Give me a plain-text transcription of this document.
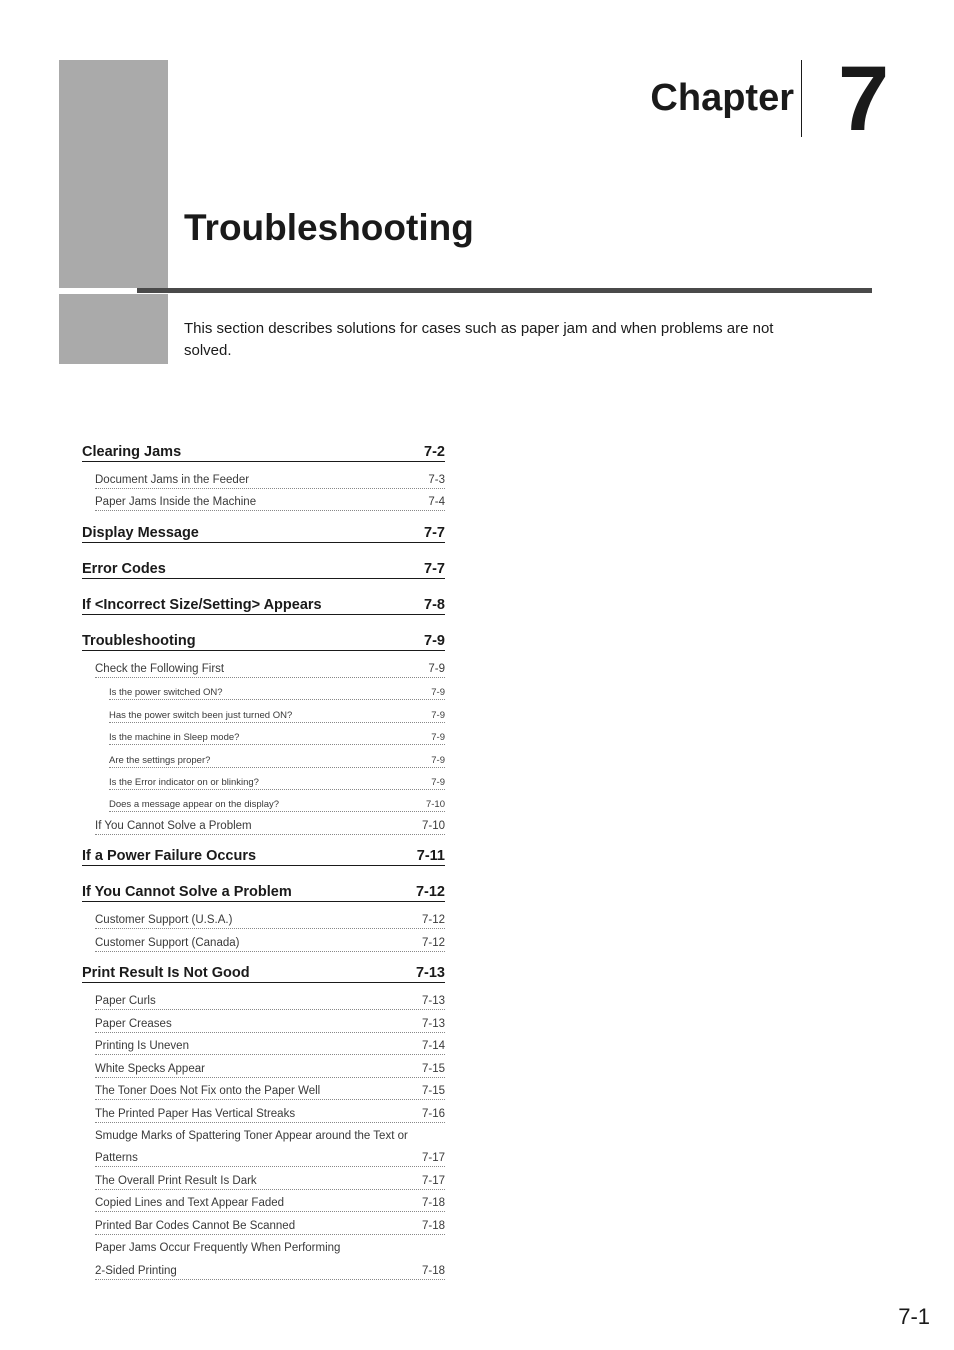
Chapter 7
Troubleshooting
This section describes solutions for cases such as paper jam and when problems are not solved.
Clearing Jams	7-2
Document Jams in the Feeder	7-3
Paper Jams Inside the Machine	7-4
Display Message	7-7
Error Codes	7-7
If <Incorrect Size/Setting> Appears	7-8
Troubleshooting	7-9
Check the Following First	7-9
Is the power switched ON?	7-9
Has the power switch been just turned ON?	7-9
Is the machine in Sleep mode?	7-9
Are the settings proper?	7-9
Is the Error indicator on or blinking?	7-9
Does a message appear on the display?	7-10
If You Cannot Solve a Problem	7-10
If a Power Failure Occurs	7-11
If You Cannot Solve a Problem	7-12
Customer Support (U.S.A.)	7-12
Customer Support (Canada)	7-12
Print Result Is Not Good	7-13
Paper Curls	7-13
Paper Creases	7-13
Printing Is Uneven	7-14
White Specks Appear	7-15
The Toner Does Not Fix onto the Paper Well	7-15
The Printed Paper Has Vertical Streaks	7-16
Smudge Marks of Spattering Toner Appear around the Text or
Patterns	7-17
The Overall Print Result Is Dark	7-17
Copied Lines and Text Appear Faded	7-18
Printed Bar Codes Cannot Be Scanned	7-18
Paper Jams Occur Frequently When Performing
2-Sided Printing	7-18
7-1
